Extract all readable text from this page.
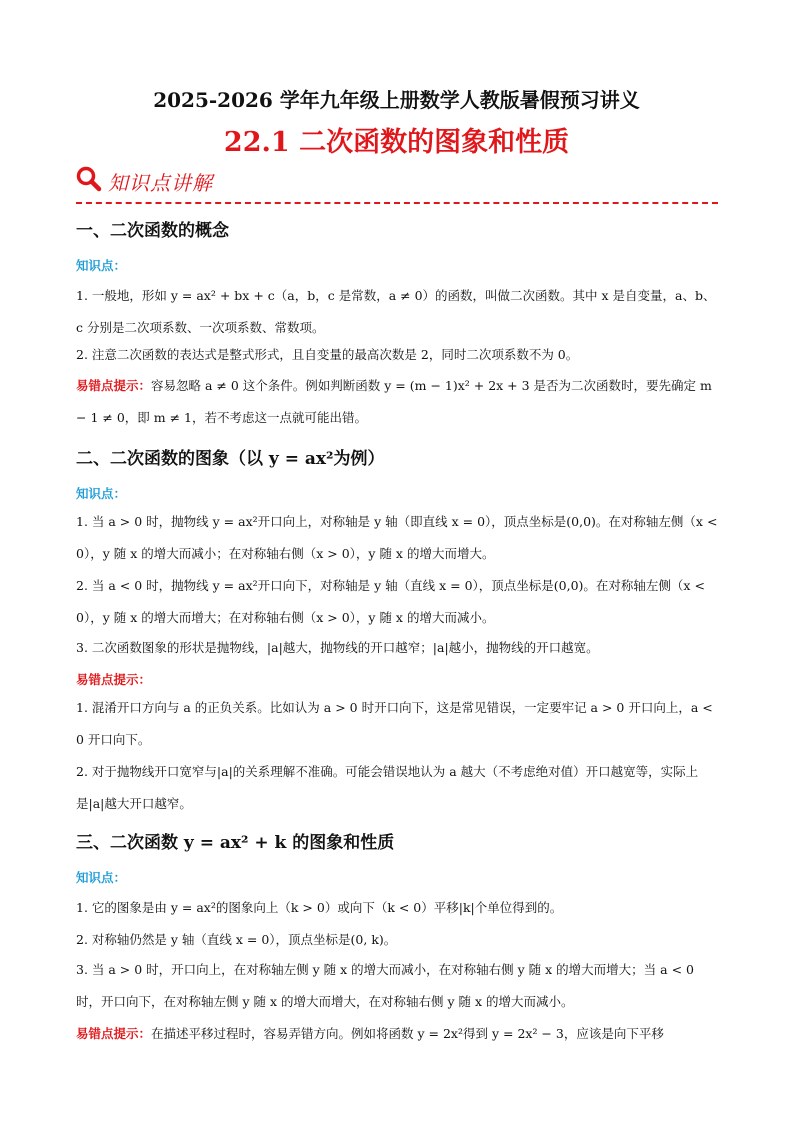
2025-2026 学年九年级上册数学人教版暑假预习讲义
22.1 二次函数的图象和性质
知识点讲解
一、二次函数的概念
知识点：
1. 一般地，形如 y = ax² + bx + c（a，b，c 是常数，a ≠ 0）的函数，叫做二次函数。其中 x 是自变量，a、b、c 分别是二次项系数、一次项系数、常数项。
2. 注意二次函数的表达式是整式形式，且自变量的最高次数是 2，同时二次项系数不为 0。
易错点提示：容易忽略 a ≠ 0 这个条件。例如判断函数 y = (m − 1)x² + 2x + 3 是否为二次函数时，要先确定 m − 1 ≠ 0，即 m ≠ 1，若不考虑这一点就可能出错。
二、二次函数的图象（以 y = ax²为例）
知识点：
1. 当 a > 0 时，抛物线 y = ax²开口向上，对称轴是 y 轴（即直线 x = 0），顶点坐标是(0,0)。在对称轴左侧（x < 0），y 随 x 的增大而减小；在对称轴右侧（x > 0），y 随 x 的增大而增大。
2. 当 a < 0 时，抛物线 y = ax²开口向下，对称轴是 y 轴（直线 x = 0），顶点坐标是(0,0)。在对称轴左侧（x < 0），y 随 x 的增大而增大；在对称轴右侧（x > 0），y 随 x 的增大而减小。
3. 二次函数图象的形状是抛物线，|a|越大，抛物线的开口越窄；|a|越小，抛物线的开口越宽。
易错点提示：
1. 混淆开口方向与 a 的正负关系。比如认为 a > 0 时开口向下，这是常见错误，一定要牢记 a > 0 开口向上，a < 0 开口向下。
2. 对于抛物线开口宽窄与|a|的关系理解不准确。可能会错误地认为 a 越大（不考虑绝对值）开口越宽等，实际上是|a|越大开口越窄。
三、二次函数 y = ax² + k 的图象和性质
知识点：
1. 它的图象是由 y = ax²的图象向上（k > 0）或向下（k < 0）平移|k|个单位得到的。
2. 对称轴仍然是 y 轴（直线 x = 0），顶点坐标是(0, k)。
3. 当 a > 0 时，开口向上，在对称轴左侧 y 随 x 的增大而减小，在对称轴右侧 y 随 x 的增大而增大；当 a < 0 时，开口向下，在对称轴左侧 y 随 x 的增大而增大，在对称轴右侧 y 随 x 的增大而减小。
易错点提示：在描述平移过程时，容易弄错方向。例如将函数 y = 2x²得到 y = 2x² − 3，应该是向下平移
